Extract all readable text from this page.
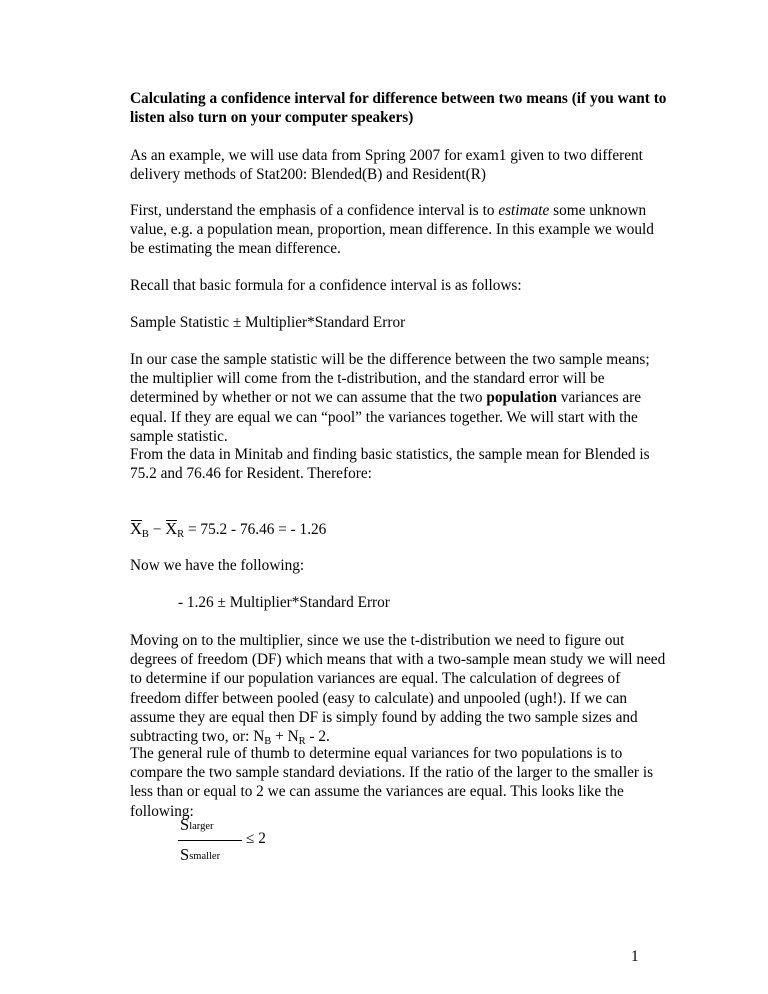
Calculating a confidence interval for difference between two means (if you want to listen also turn on your computer speakers)
As an example, we will use data from Spring 2007 for exam1 given to two different delivery methods of Stat200: Blended(B) and Resident(R)
First, understand the emphasis of a confidence interval is to estimate some unknown value, e.g. a population mean, proportion, mean difference. In this example we would be estimating the mean difference.
Recall that basic formula for a confidence interval is as follows:
Sample Statistic ± Multiplier*Standard Error
In our case the sample statistic will be the difference between the two sample means; the multiplier will come from the t-distribution, and the standard error will be determined by whether or not we can assume that the two population variances are equal. If they are equal we can “pool” the variances together. We will start with the sample statistic.
From the data in Minitab and finding basic statistics, the sample mean for Blended is 75.2 and 76.46 for Resident. Therefore:
XB −
XR = 75.2 - 76.46 = - 1.26
Now we have the following:
- 1.26 ± Multiplier*Standard Error
Moving on to the multiplier, since we use the t-distribution we need to figure out degrees of freedom (DF) which means that with a two-sample mean study we will need to determine if our population variances are equal. The calculation of degrees of freedom differ between pooled (easy to calculate) and unpooled (ugh!). If we can assume they are equal then DF is simply found by adding the two sample sizes and subtracting two, or: NB + NR - 2.
The general rule of thumb to determine equal variances for two populations is to compare the two sample standard deviations. If the ratio of the larger to the smaller is less than or equal to 2 we can assume the variances are equal. This looks like the following:
Slarger
Ssmaller
≤ 2
1
